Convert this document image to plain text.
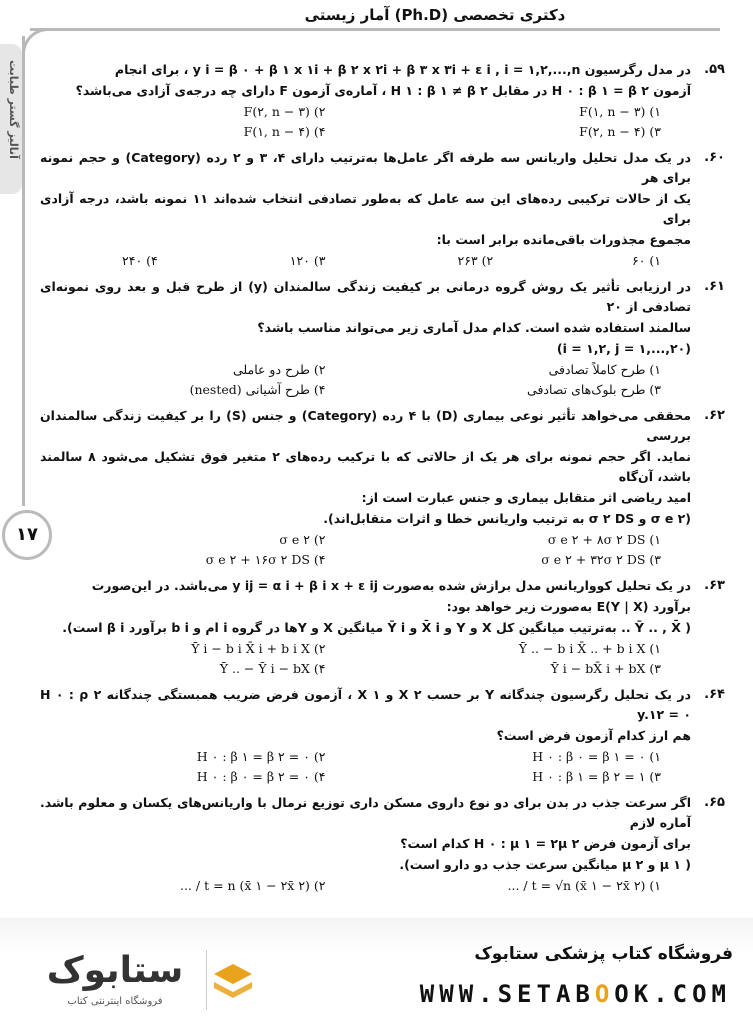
دکتری تخصصی (Ph.D) آمار زیستی
آنالیز گستر طبابت
۱۷
۵۹.
در مدل رگرسیون y i = β ۰ + β ۱ x ۱i + β ۲ x ۲i + β ۳ x ۳i + ε i , i = ۱,۲,...,n ، برای انجام
آزمون H ۰ : β ۱ = β ۲ در مقابل H ۱ : β ۱ ≠ β ۲ ، آماره‌ی آزمون F دارای چه درجه‌ی آزادی می‌باشد؟
۱) F(۱, n − ۳)
۲) F(۲, n − ۳)
۳) F(۲, n − ۴)
۴) F(۱, n − ۴)
۶۰.
در یک مدل تحلیل واریانس سه طرفه اگر عامل‌ها به‌ترتیب دارای ۴، ۳ و ۲ رده (Category) و حجم نمونه برای هر
یک از حالات ترکیبی رده‌های این سه عامل که به‌طور تصادفی انتخاب شده‌اند ۱۱ نمونه باشد، درجه آزادی برای
مجموع مجذورات باقی‌مانده برابر است با:
۱) ۶۰
۲) ۲۶۳
۳) ۱۲۰
۴) ۲۴۰
۶۱.
در ارزیابی تأثیر یک روش گروه درمانی بر کیفیت زندگی سالمندان (y) از طرح قبل و بعد روی نمونه‌ای تصادفی از ۲۰
سالمند استفاده شده است. کدام مدل آماری زیر می‌تواند مناسب باشد؟
(i = ۱,۲, j = ۱,...,۲۰)
۱) طرح کاملاً تصادفی
۲) طرح دو عاملی
۳) طرح بلوک‌های تصادفی
۴) طرح آشیانی (nested)
۶۲.
محققی می‌خواهد تأثیر نوعی بیماری (D) با ۴ رده (Category) و جنس (S) را بر کیفیت زندگی سالمندان بررسی
نماید. اگر حجم نمونه برای هر یک از حالاتی که با ترکیب رده‌های ۲ متغیر فوق تشکیل می‌شود ۸ سالمند باشد، آن‌گاه
امید ریاضی اثر متقابل بیماری و جنس عبارت است از:
(σ e ۲ و σ ۲ DS به ترتیب واریانس خطا و اثرات متقابل‌اند).
۱) σ e ۲ + ۸σ ۲ DS
۲) σ e ۲
۳) σ e ۲ + ۳۲σ ۲ DS
۴) σ e ۲ + ۱۶σ ۲ DS
۶۳.
در یک تحلیل کوواریانس مدل برازش شده به‌صورت y ij = α i + β i x + ε ij می‌باشد. در این‌صورت
برآورد E(Y | X) به‌صورت زیر خواهد بود:
( Ȳ .. , X̄ .. به‌ترتیب میانگین کل X و Y و X̄ i و Ȳ i میانگین X و Yها در گروه i ام و b i برآورد β i است).
۱) Ȳ .. − b i X̄ .. + b i X
۲) Ȳ i − b i X̄ i + b i X
۳) Ȳ i − bX̄ i + bX
۴) Ȳ .. − Ȳ i − bX
۶۴.
در یک تحلیل رگرسیون چندگانه Y بر حسب X ۲ و X ۱ ، آزمون فرض ضریب همبستگی چندگانه H ۰ : ρ ۲ y.۱۲ = ۰
هم ارز کدام آزمون فرض است؟
۱) H ۰ : β ۰ = β ۱ = ۰
۲) H ۰ : β ۱ = β ۲ = ۰
۳) H ۰ : β ۱ = β ۲ = ۱
۴) H ۰ : β ۰ = β ۲ = ۰
۶۵.
اگر سرعت جذب در بدن برای دو نوع داروی مسکن داری توزیع نرمال با واریانس‌های یکسان و معلوم باشد. آماره لازم
برای آزمون فرض H ۰ : μ ۱ = ۲μ ۲ کدام است؟
( μ ۱ و μ ۲ میانگین سرعت جذب دو دارو است).
۱) t = √n (x̄ ۱ − ۲x̄ ۲) / ...
۲) t = n (x̄ ۱ − ۲x̄ ۲) / ...
فروشگاه کتاب پزشکی ستابوک
WWW.SETABOOK.COM
ستابوک
فروشگاه اینترنتی کتاب
